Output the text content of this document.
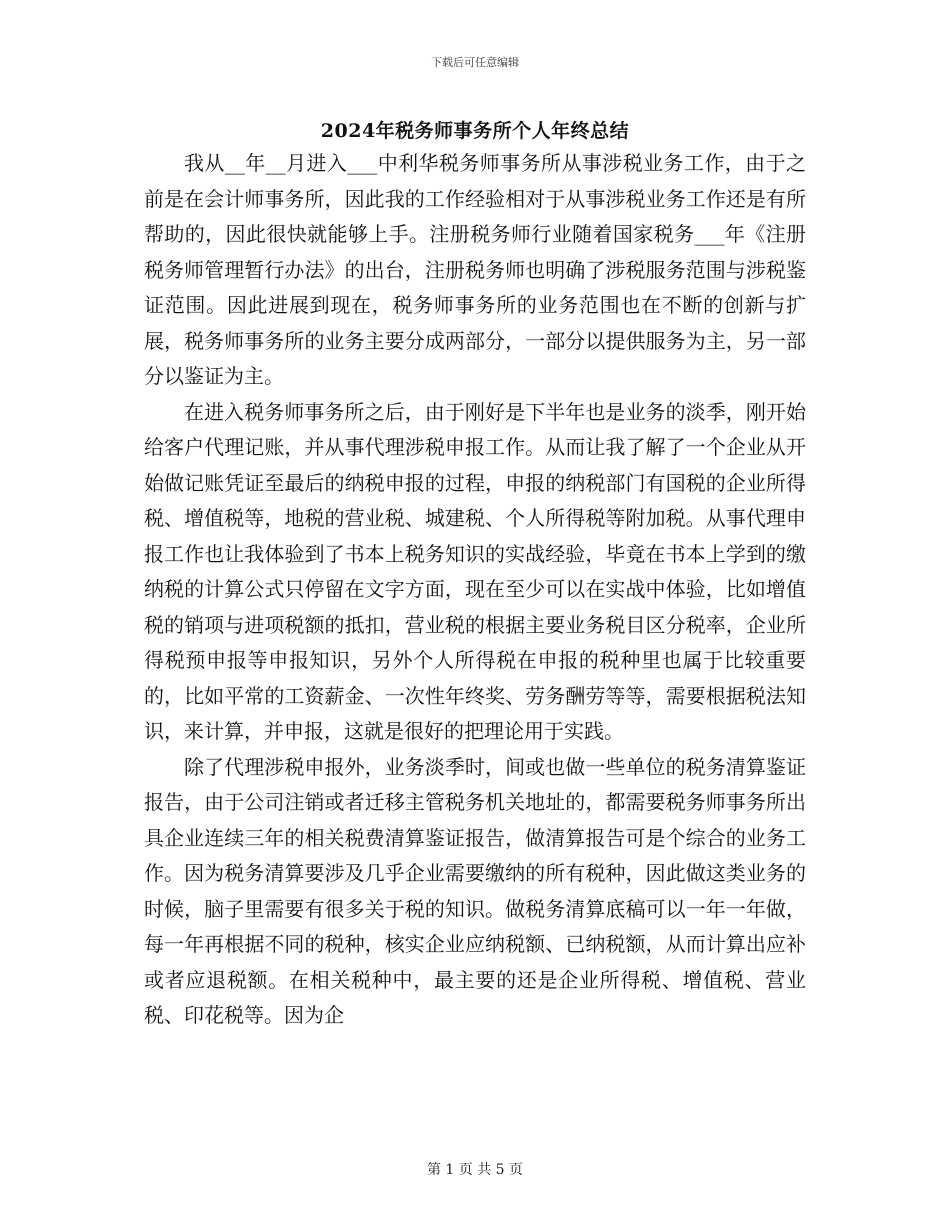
下载后可任意编辑
2024年税务师事务所个人年终总结

我从__年__月进入___中利华税务师事务所从事涉税业务工作，由于之前是在会计师事务所，因此我的工作经验相对于从事涉税业务工作还是有所帮助的，因此很快就能够上手。注册税务师行业随着国家税务___年《注册税务师管理暂行办法》的出台，注册税务师也明确了涉税服务范围与涉税鉴证范围。因此进展到现在，税务师事务所的业务范围也在不断的创新与扩展，税务师事务所的业务主要分成两部分，一部分以提供服务为主，另一部分以鉴证为主。

在进入税务师事务所之后，由于刚好是下半年也是业务的淡季，刚开始给客户代理记账，并从事代理涉税申报工作。从而让我了解了一个企业从开始做记账凭证至最后的纳税申报的过程，申报的纳税部门有国税的企业所得税、增值税等，地税的营业税、城建税、个人所得税等附加税。从事代理申报工作也让我体验到了书本上税务知识的实战经验，毕竟在书本上学到的缴纳税的计算公式只停留在文字方面，现在至少可以在实战中体验，比如增值税的销项与进项税额的抵扣，营业税的根据主要业务税目区分税率，企业所得税预申报等申报知识，另外个人所得税在申报的税种里也属于比较重要的，比如平常的工资薪金、一次性年终奖、劳务酬劳等等，需要根据税法知识，来计算，并申报，这就是很好的把理论用于实践。

除了代理涉税申报外，业务淡季时，间或也做一些单位的税务清算鉴证报告，由于公司注销或者迁移主管税务机关地址的，都需要税务师事务所出具企业连续三年的相关税费清算鉴证报告，做清算报告可是个综合的业务工作。因为税务清算要涉及几乎企业需要缴纳的所有税种，因此做这类业务的时候，脑子里需要有很多关于税的知识。做税务清算底稿可以一年一年做，每一年再根据不同的税种，核实企业应纳税额、已纳税额，从而计算出应补或者应退税额。在相关税种中，最主要的还是企业所得税、增值税、营业税、印花税等。因为企

第 1 页 共 5 页
